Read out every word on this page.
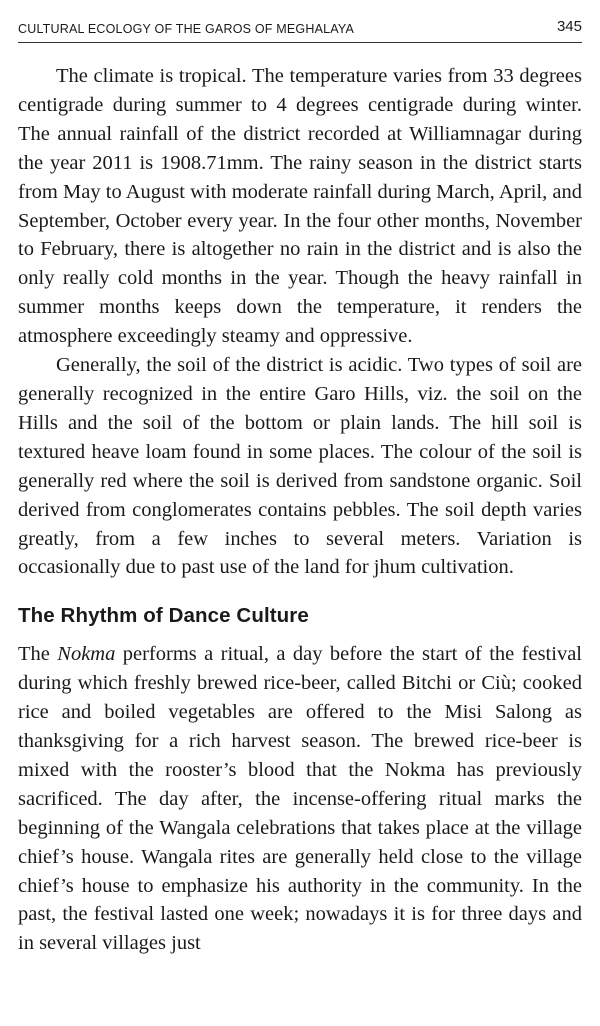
CULTURAL ECOLOGY OF THE GAROS OF MEGHALAYA	345

The climate is tropical. The temperature varies from 33 degrees centigrade during summer to 4 degrees centigrade during winter. The annual rainfall of the district recorded at Williamnagar during the year 2011 is 1908.71mm. The rainy season in the district starts from May to August with moderate rainfall during March, April, and September, October every year. In the four other months, November to February, there is altogether no rain in the district and is also the only really cold months in the year. Though the heavy rainfall in summer months keeps down the temperature, it renders the atmosphere exceedingly steamy and oppressive.

Generally, the soil of the district is acidic. Two types of soil are generally recognized in the entire Garo Hills, viz. the soil on the Hills and the soil of the bottom or plain lands. The hill soil is textured heave loam found in some places. The colour of the soil is generally red where the soil is derived from sandstone organic. Soil derived from conglomerates contains pebbles. The soil depth varies greatly, from a few inches to several meters. Variation is occasionally due to past use of the land for jhum cultivation.

The Rhythm of Dance Culture

The Nokma performs a ritual, a day before the start of the festival during which freshly brewed rice-beer, called Bitchi or Ciù; cooked rice and boiled vegetables are offered to the Misi Salong as thanksgiving for a rich harvest season. The brewed rice-beer is mixed with the rooster’s blood that the Nokma has previously sacrificed. The day after, the incense-offering ritual marks the beginning of the Wangala celebrations that takes place at the village chief’s house. Wangala rites are generally held close to the village chief’s house to emphasize his authority in the community. In the past, the festival lasted one week; nowadays it is for three days and in several villages just
